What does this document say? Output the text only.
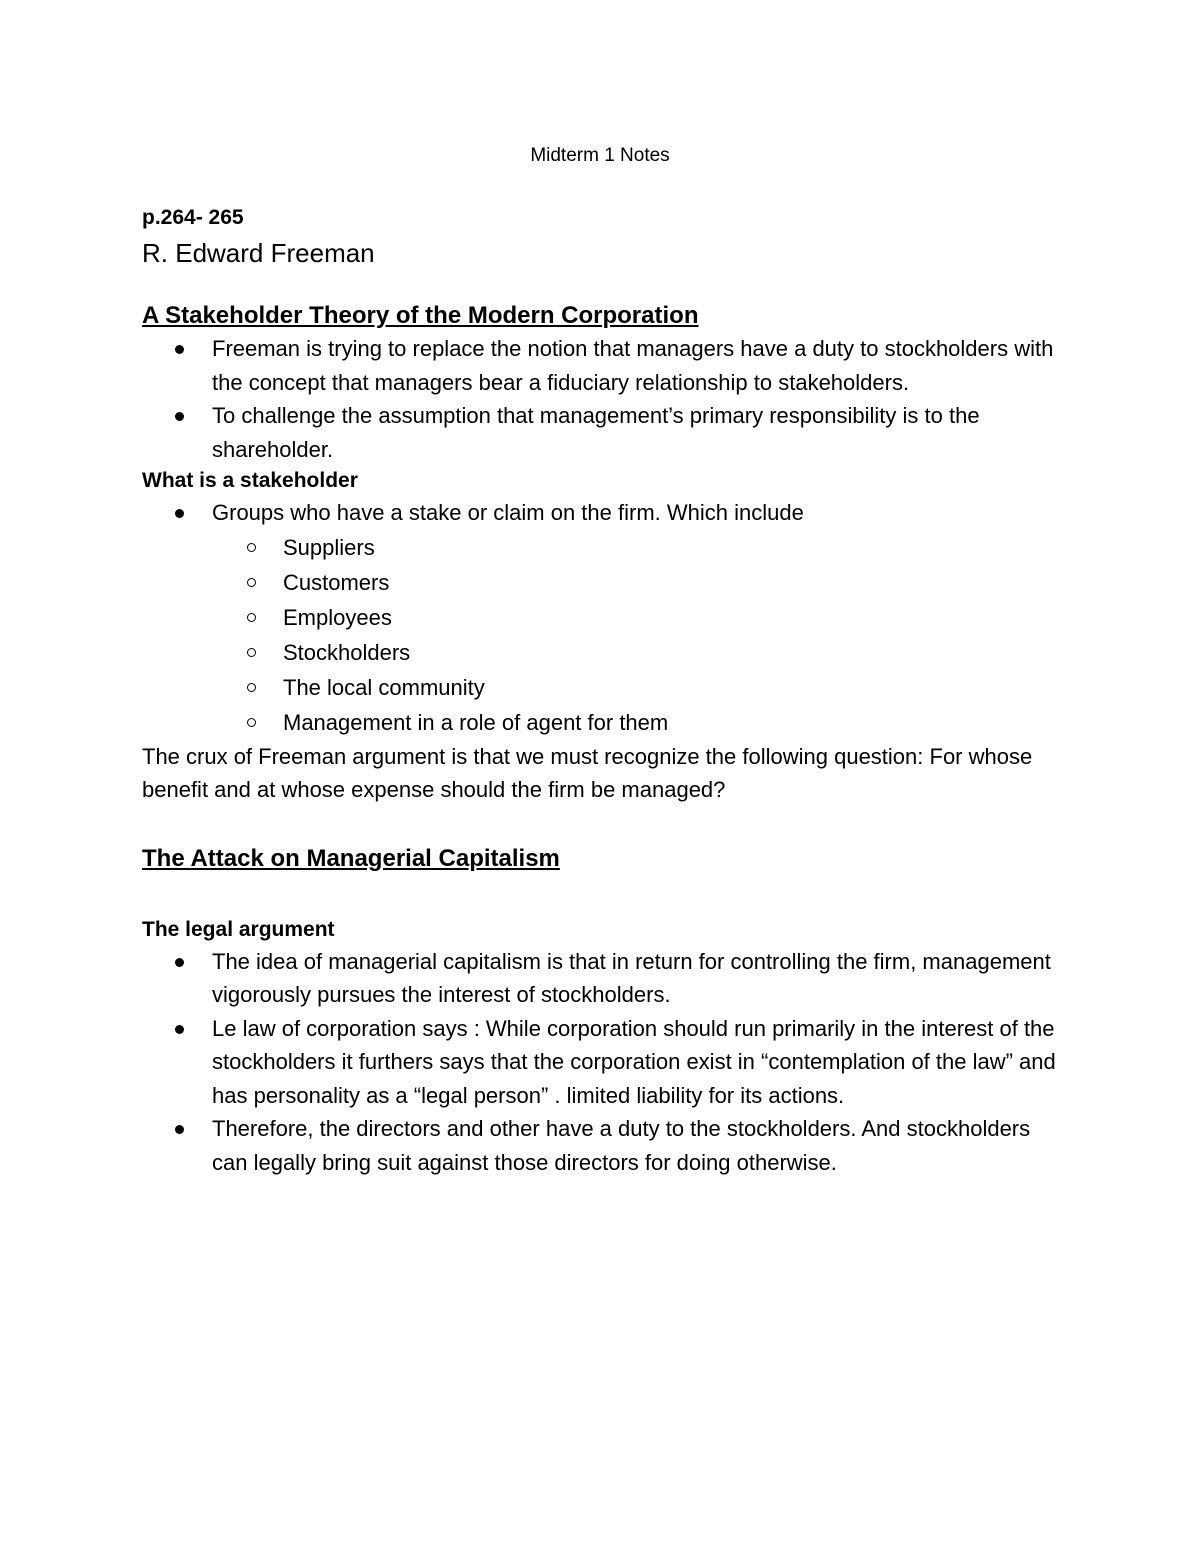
Midterm 1 Notes

p.264- 265

R. Edward Freeman

A Stakeholder Theory of the Modern Corporation
Freeman is trying to replace the notion that managers have a duty to stockholders with the concept that managers bear a fiduciary relationship to stakeholders.
To challenge the assumption that management’s primary responsibility is to the shareholder.

What is a stakeholder

Groups who have a stake or claim on the firm. Which include
Suppliers
Customers
Employees
Stockholders
The local community
Management in a role of agent for them

The crux of Freeman argument is that we must recognize the following question: For whose benefit and at whose expense should the firm be managed?

The Attack on Managerial Capitalism

The legal argument

The idea of managerial capitalism is that in return for controlling the firm, management vigorously pursues the interest of stockholders.
Le law of corporation says : While corporation should run primarily in the interest of the stockholders it furthers says that the corporation exist in “contemplation of the law” and has personality as a “legal person” . limited liability for its actions.
Therefore, the directors and other have a duty to the stockholders. And stockholders can legally bring suit against those directors for doing otherwise.
